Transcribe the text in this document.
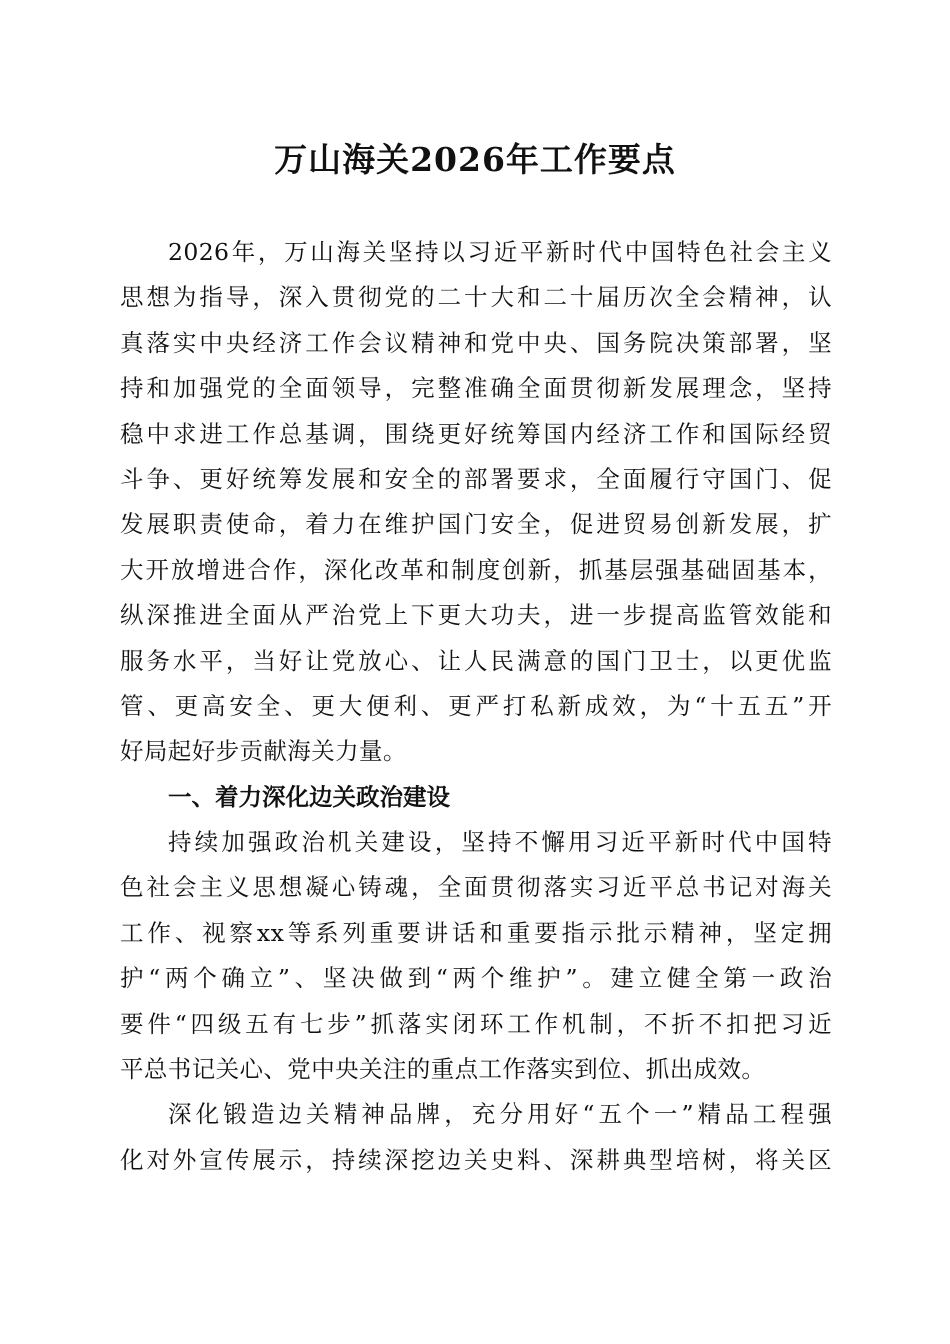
万山海关2026年工作要点
2026年，万山海关坚持以习近平新时代中国特色社会主义
思想为指导，深入贯彻党的二十大和二十届历次全会精神，认
真落实中央经济工作会议精神和党中央、国务院决策部署，坚
持和加强党的全面领导，完整准确全面贯彻新发展理念，坚持
稳中求进工作总基调，围绕更好统筹国内经济工作和国际经贸
斗争、更好统筹发展和安全的部署要求，全面履行守国门、促
发展职责使命，着力在维护国门安全，促进贸易创新发展，扩
大开放增进合作，深化改革和制度创新，抓基层强基础固基本，
纵深推进全面从严治党上下更大功夫，进一步提高监管效能和
服务水平，当好让党放心、让人民满意的国门卫士，以更优监
管、更高安全、更大便利、更严打私新成效，为“十五五”开
好局起好步贡献海关力量。
一、着力深化边关政治建设
持续加强政治机关建设，坚持不懈用习近平新时代中国特
色社会主义思想凝心铸魂，全面贯彻落实习近平总书记对海关
工作、视察xx等系列重要讲话和重要指示批示精神，坚定拥
护“两个确立”、坚决做到“两个维护”。建立健全第一政治
要件“四级五有七步”抓落实闭环工作机制，不折不扣把习近
平总书记关心、党中央关注的重点工作落实到位、抓出成效。
深化锻造边关精神品牌，充分用好“五个一”精品工程强
化对外宣传展示，持续深挖边关史料、深耕典型培树，将关区
